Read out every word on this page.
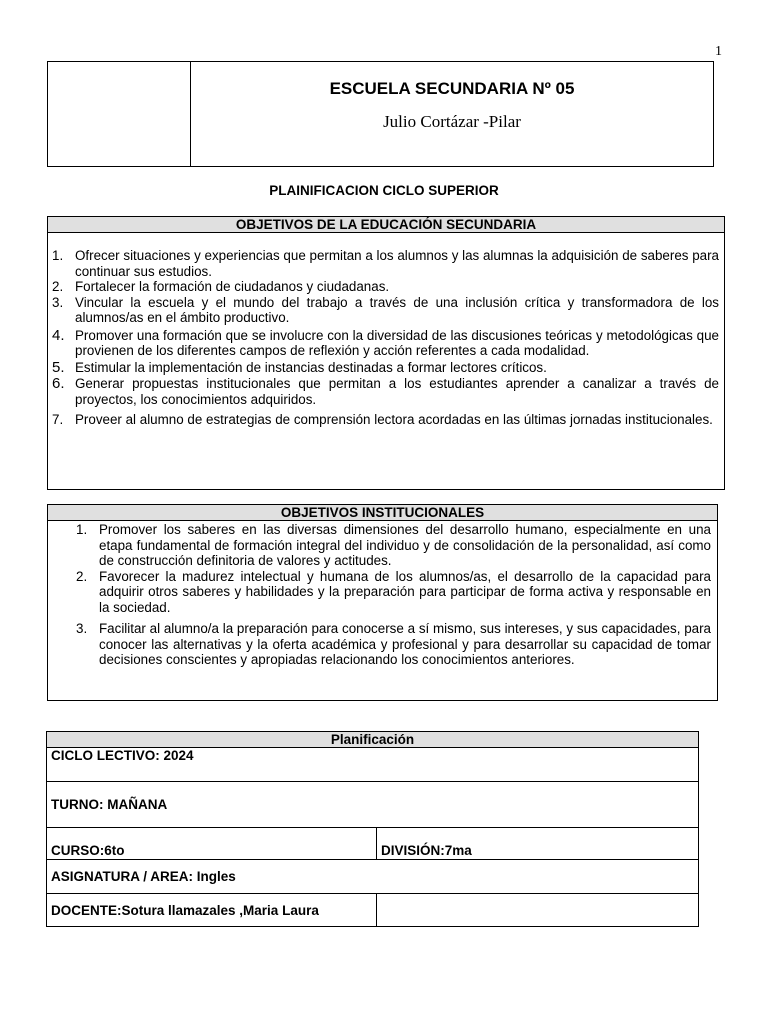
1
ESCUELA SECUNDARIA Nº 05
Julio Cortázar -Pilar
PLAINIFICACION CICLO SUPERIOR
OBJETIVOS DE LA EDUCACIÓN SECUNDARIA
1. Ofrecer situaciones y experiencias que permitan a los alumnos y las alumnas la adquisición de saberes para continuar sus estudios.
2. Fortalecer la formación de ciudadanos y ciudadanas.
3. Vincular la escuela y el mundo del trabajo a través de una inclusión crítica y transformadora de los alumnos/as en el ámbito productivo.
4. Promover una formación que se involucre con la diversidad de las discusiones teóricas y metodológicas que provienen de los diferentes campos de reflexión y acción referentes a cada modalidad.
5. Estimular la implementación de instancias destinadas a formar lectores críticos.
6. Generar propuestas institucionales que permitan a los estudiantes aprender a canalizar a través de proyectos, los conocimientos adquiridos.
7. Proveer al alumno de estrategias de comprensión lectora acordadas en las últimas jornadas institucionales.
OBJETIVOS INSTITUCIONALES
1. Promover los saberes en las diversas dimensiones del desarrollo humano, especialmente en una etapa fundamental de formación integral del individuo y de consolidación de la personalidad, así como de construcción definitoria de valores y actitudes.
2. Favorecer la madurez intelectual y humana de los alumnos/as, el desarrollo de la capacidad para adquirir otros saberes y habilidades y la preparación para participar de forma activa y responsable en la sociedad.
3. Facilitar al alumno/a la preparación para conocerse a sí mismo, sus intereses, y sus capacidades, para conocer las alternativas y la oferta académica y profesional y para desarrollar su capacidad de tomar decisiones conscientes y apropiadas relacionando los conocimientos anteriores.
Planificación	
CICLO LECTIVO: 2024	
TURNO: MAÑANA	
CURSO:6to	DIVISIÓN:7ma
ASIGNATURA / AREA: Ingles	
DOCENTE:Sotura llamazales ,Maria Laura	
